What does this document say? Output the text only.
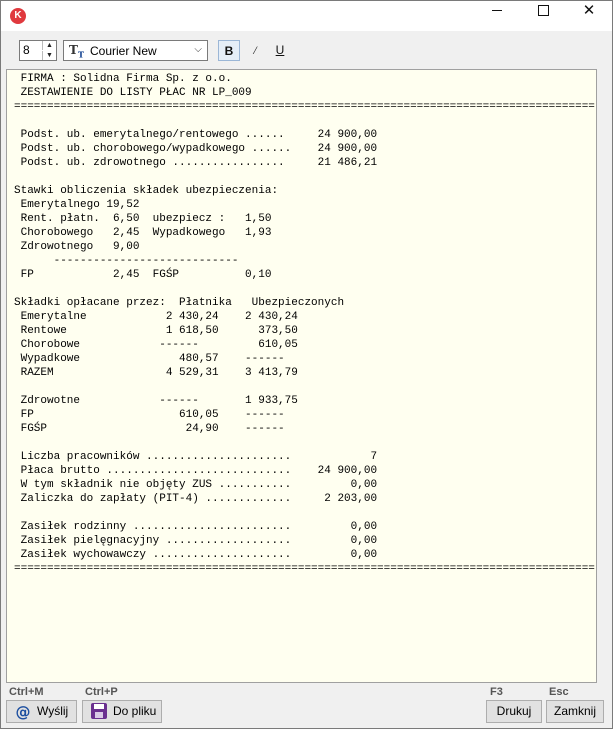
K	✕
8	▲
▼ $T_T$ Courier New	⌵	B	/	U
FIRMA : Solidna Firma Sp. z o.o.
ZESTAWIENIE DO LISTY PŁAC NR LP_009
========================================================================================

Podst. ub. emerytalnego/rentowego ......     24 900,00
Podst. ub. chorobowego/wypadkowego ......    24 900,00
Podst. ub. zdrowotnego .................     21 486,21

Stawki obliczenia składek ubezpieczenia:
Emerytalnego 19,52
Rent. płatn.  6,50  ubezpiecz :   1,50
Chorobowego   2,45  Wypadkowego   1,93
Zdrowotnego   9,00
----------------------------
FP            2,45  FGŚP          0,10

Składki opłacane przez:  Płatnika   Ubezpieczonych
Emerytalne            2 430,24    2 430,24
Rentowe               1 618,50      373,50
Chorobowe            ------         610,05
Wypadkowe               480,57    ------
RAZEM                 4 529,31    3 413,79

Zdrowotne            ------       1 933,75
FP                      610,05    ------
FGŚP                     24,90    ------

Liczba pracowników ......................            7
Płaca brutto ............................    24 900,00
W tym składnik nie objęty ZUS ...........         0,00
Zaliczka do zapłaty (PIT-4) .............     2 203,00

Zasiłek rodzinny ........................         0,00
Zasiłek pielęgnacyjny ...................         0,00
Zasiłek wychowawczy .....................         0,00
========================================================================================
Ctrl+M	Ctrl+P	F3	Esc
@ Wyślij	Do pliku	Drukuj	Zamknij
